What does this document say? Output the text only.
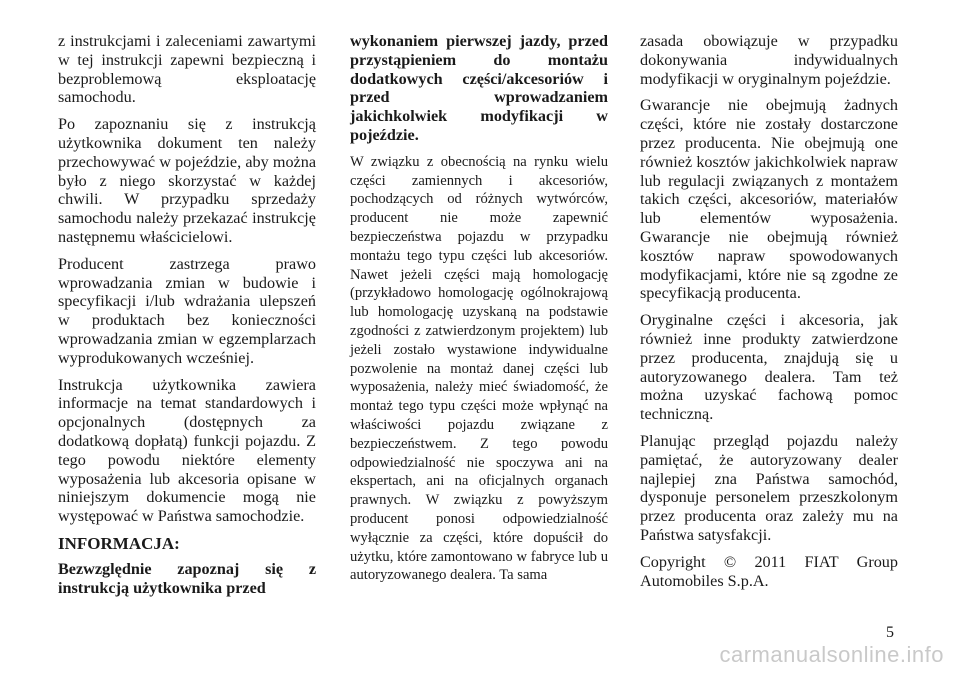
z instrukcjami i zaleceniami zawartymi w tej instrukcji zapewni bezpieczną i bezproblemową eksploatację samochodu.

Po zapoznaniu się z instrukcją użytkownika dokument ten należy przechowywać w pojeździe, aby można było z niego skorzystać w każdej chwili. W przypadku sprzedaży samochodu należy przekazać instrukcję następnemu właścicielowi.

Producent zastrzega prawo wprowadzania zmian w budowie i specyfikacji i/lub wdrażania ulepszeń w produktach bez konieczności wprowadzania zmian w egzemplarzach wyprodukowanych wcześniej.

Instrukcja użytkownika zawiera informacje na temat standardowych i opcjonalnych (dostępnych za dodatkową dopłatą) funkcji pojazdu. Z tego powodu niektóre elementy wyposażenia lub akcesoria opisane w niniejszym dokumencie mogą nie występować w Państwa samochodzie.

INFORMACJA:

Bezwzględnie zapoznaj się z instrukcją użytkownika przed

wykonaniem pierwszej jazdy, przed przystąpieniem do montażu dodatkowych części/akcesoriów i przed wprowadzaniem jakichkolwiek modyfikacji w pojeździe.

W związku z obecnością na rynku wielu części zamiennych i akcesoriów, pochodzących od różnych wytwórców, producent nie może zapewnić bezpieczeństwa pojazdu w przypadku montażu tego typu części lub akcesoriów. Nawet jeżeli części mają homologację (przykładowo homologację ogólnokrajową lub homologację uzyskaną na podstawie zgodności z zatwierdzonym projektem) lub jeżeli zostało wystawione indywidualne pozwolenie na montaż danej części lub wyposażenia, należy mieć świadomość, że montaż tego typu części może wpłynąć na właściwości pojazdu związane z bezpieczeństwem. Z tego powodu odpowiedzialność nie spoczywa ani na ekspertach, ani na oficjalnych organach prawnych. W związku z powyższym producent ponosi odpowiedzialność wyłącznie za części, które dopuścił do użytku, które zamontowano w fabryce lub u autoryzowanego dealera. Ta sama

zasada obowiązuje w przypadku dokonywania indywidualnych modyfikacji w oryginalnym pojeździe.

Gwarancje nie obejmują żadnych części, które nie zostały dostarczone przez producenta. Nie obejmują one również kosztów jakichkolwiek napraw lub regulacji związanych z montażem takich części, akcesoriów, materiałów lub elementów wyposażenia. Gwarancje nie obejmują również kosztów napraw spowodowanych modyfikacjami, które nie są zgodne ze specyfikacją producenta.

Oryginalne części i akcesoria, jak również inne produkty zatwierdzone przez producenta, znajdują się u autoryzowanego dealera. Tam też można uzyskać fachową pomoc techniczną.

Planując przegląd pojazdu należy pamiętać, że autoryzowany dealer najlepiej zna Państwa samochód, dysponuje personelem przeszkolonym przez producenta oraz zależy mu na Państwa satysfakcji.

Copyright © 2011 FIAT Group Automobiles S.p.A.

5
carmanualsonline.info
